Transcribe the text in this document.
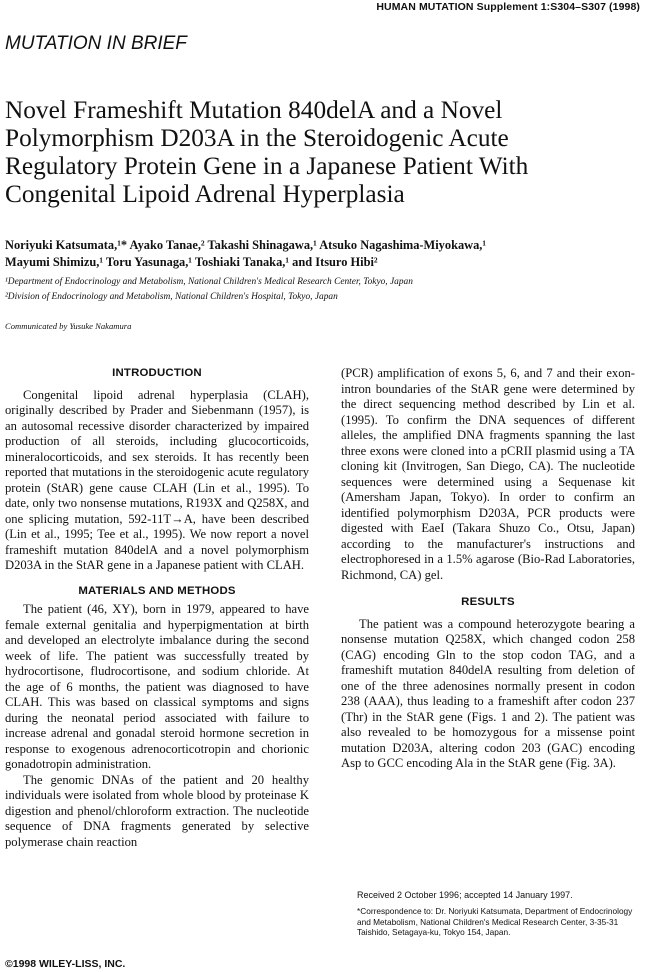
HUMAN MUTATION Supplement 1:S304–S307 (1998)
MUTATION IN BRIEF
Novel Frameshift Mutation 840delA and a Novel
Polymorphism D203A in the Steroidogenic Acute
Regulatory Protein Gene in a Japanese Patient With
Congenital Lipoid Adrenal Hyperplasia
Noriyuki Katsumata,¹* Ayako Tanae,² Takashi Shinagawa,¹ Atsuko Nagashima-Miyokawa,¹
Mayumi Shimizu,¹ Toru Yasunaga,¹ Toshiaki Tanaka,¹ and Itsuro Hibi²
¹Department of Endocrinology and Metabolism, National Children's Medical Research Center, Tokyo, Japan
²Division of Endocrinology and Metabolism, National Children's Hospital, Tokyo, Japan
Communicated by Yusuke Nakamura
INTRODUCTION

Congenital lipoid adrenal hyperplasia (CLAH), originally described by Prader and Siebenmann (1957), is an autosomal recessive disorder characterized by impaired production of all steroids, including glucocorticoids, mineralocorticoids, and sex steroids. It has recently been reported that mutations in the steroidogenic acute regulatory protein (StAR) gene cause CLAH (Lin et al., 1995). To date, only two nonsense mutations, R193X and Q258X, and one splicing mutation, 592-11T→A, have been described (Lin et al., 1995; Tee et al., 1995). We now report a novel frameshift mutation 840delA and a novel polymorphism D203A in the StAR gene in a Japanese patient with CLAH.

MATERIALS AND METHODS

The patient (46, XY), born in 1979, appeared to have female external genitalia and hyperpigmentation at birth and developed an electrolyte imbalance during the second week of life. The patient was successfully treated by hydrocortisone, fludrocortisone, and sodium chloride. At the age of 6 months, the patient was diagnosed to have CLAH. This was based on classical symptoms and signs during the neonatal period associated with failure to increase adrenal and gonadal steroid hormone secretion in response to exogenous adrenocorticotropin and chorionic gonadotropin administration.

The genomic DNAs of the patient and 20 healthy individuals were isolated from whole blood by proteinase K digestion and phenol/chloroform extraction. The nucleotide sequence of DNA fragments generated by selective polymerase chain reaction

(PCR) amplification of exons 5, 6, and 7 and their exon-intron boundaries of the StAR gene were determined by the direct sequencing method described by Lin et al. (1995). To confirm the DNA sequences of different alleles, the amplified DNA fragments spanning the last three exons were cloned into a pCRII plasmid using a TA cloning kit (Invitrogen, San Diego, CA). The nucleotide sequences were determined using a Sequenase kit (Amersham Japan, Tokyo). In order to confirm an identified polymorphism D203A, PCR products were digested with EaeI (Takara Shuzo Co., Otsu, Japan) according to the manufacturer's instructions and electrophoresed in a 1.5% agarose (Bio-Rad Laboratories, Richmond, CA) gel.

RESULTS

The patient was a compound heterozygote bearing a nonsense mutation Q258X, which changed codon 258 (CAG) encoding Gln to the stop codon TAG, and a frameshift mutation 840delA resulting from deletion of one of the three adenosines normally present in codon 238 (AAA), thus leading to a frameshift after codon 237 (Thr) in the StAR gene (Figs. 1 and 2). The patient was also revealed to be homozygous for a missense point mutation D203A, altering codon 203 (GAC) encoding Asp to GCC encoding Ala in the StAR gene (Fig. 3A).

Received 2 October 1996; accepted 14 January 1997.
*Correspondence to: Dr. Noriyuki Katsumata, Department of Endocrinology and Metabolism, National Children's Medical Research Center, 3-35-31 Taishido, Setagaya-ku, Tokyo 154, Japan.
©1998 WILEY-LISS, INC.
